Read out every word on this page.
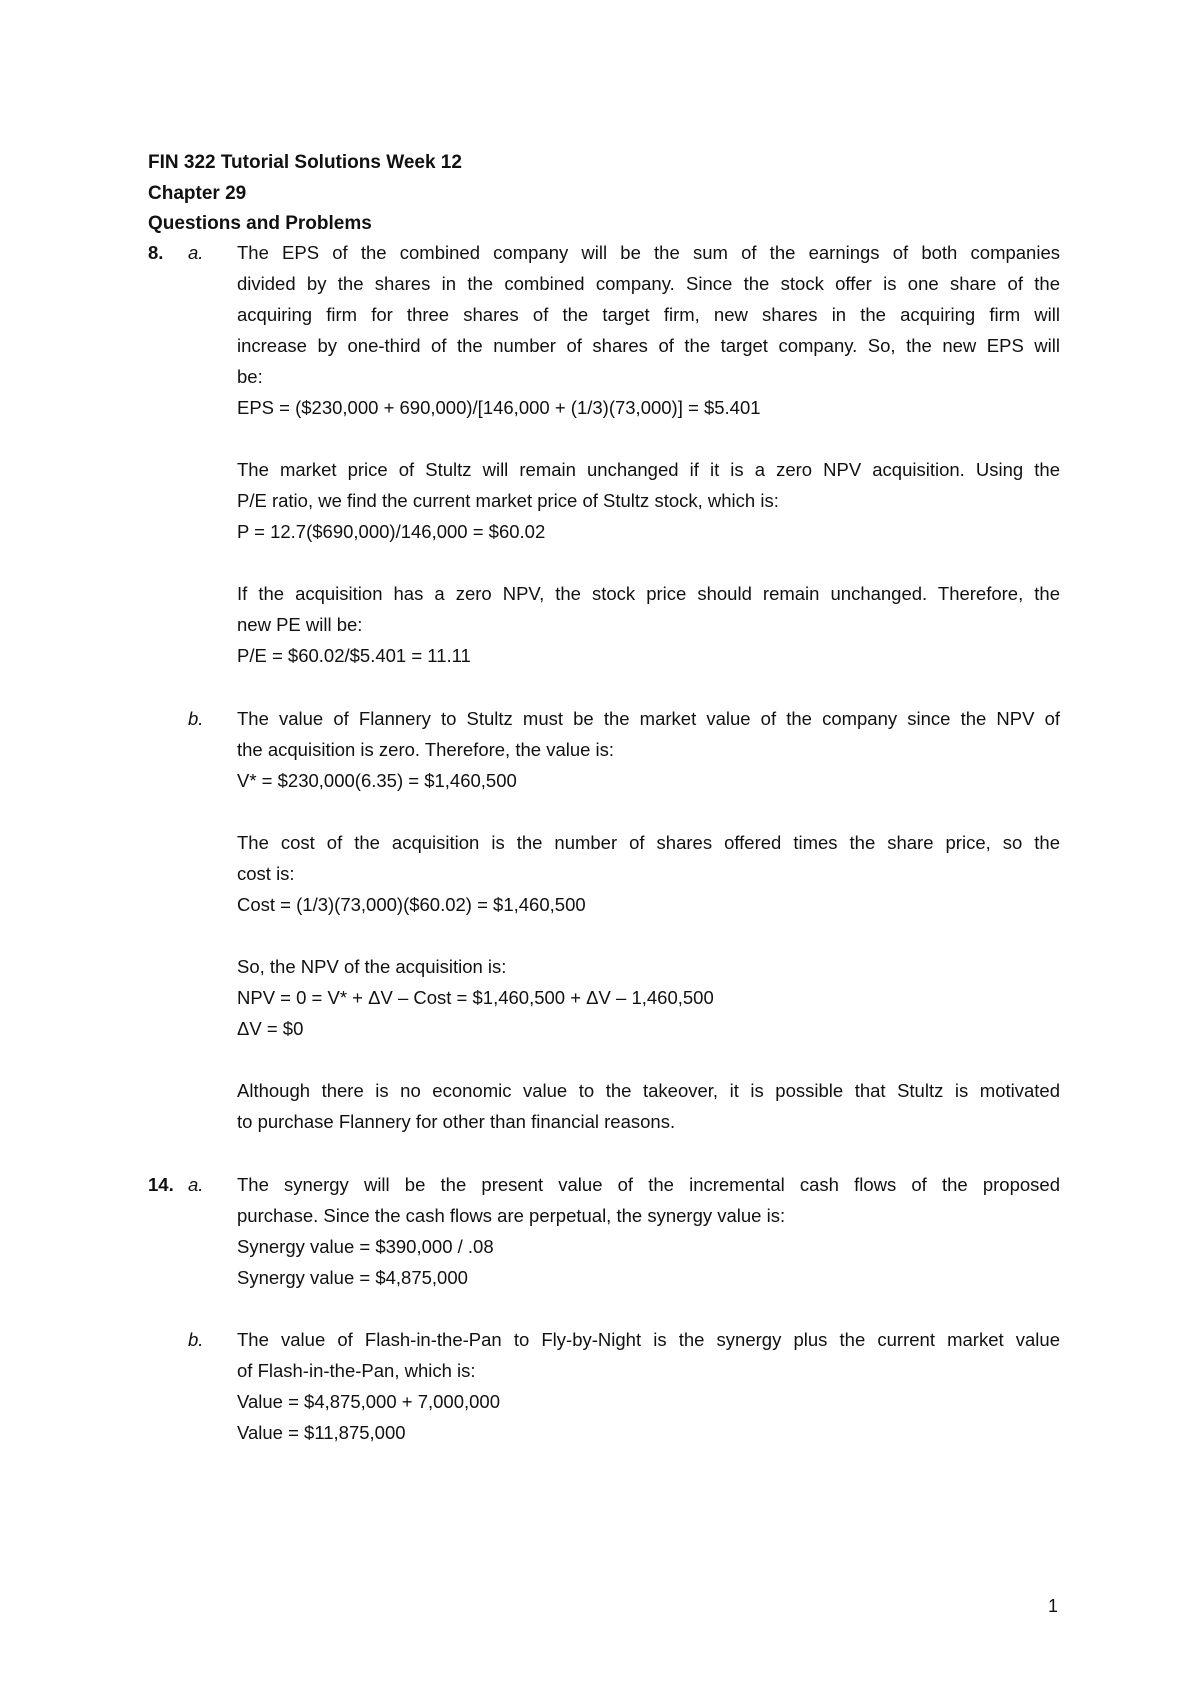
FIN 322 Tutorial Solutions Week 12
Chapter 29
Questions and Problems
8. a. The EPS of the combined company will be the sum of the earnings of both companies
divided by the shares in the combined company. Since the stock offer is one share of the
acquiring firm for three shares of the target firm, new shares in the acquiring firm will
increase by one-third of the number of shares of the target company. So, the new EPS will
be:
EPS = ($230,000 + 690,000)/[146,000 + (1/3)(73,000)] = $5.401
The market price of Stultz will remain unchanged if it is a zero NPV acquisition. Using the
P/E ratio, we find the current market price of Stultz stock, which is:
P = 12.7($690,000)/146,000 = $60.02
If the acquisition has a zero NPV, the stock price should remain unchanged. Therefore, the
new PE will be:
P/E = $60.02/$5.401 = 11.11
b. The value of Flannery to Stultz must be the market value of the company since the NPV of
the acquisition is zero. Therefore, the value is:
V* = $230,000(6.35) = $1,460,500
The cost of the acquisition is the number of shares offered times the share price, so the
cost is:
Cost = (1/3)(73,000)($60.02) = $1,460,500
So, the NPV of the acquisition is:
NPV = 0 = V* + ΔV – Cost = $1,460,500 + ΔV – 1,460,500
ΔV = $0
Although there is no economic value to the takeover, it is possible that Stultz is motivated
to purchase Flannery for other than financial reasons.
14. a. The synergy will be the present value of the incremental cash flows of the proposed
purchase. Since the cash flows are perpetual, the synergy value is:
Synergy value = $390,000 / .08
Synergy value = $4,875,000
b. The value of Flash-in-the-Pan to Fly-by-Night is the synergy plus the current market value
of Flash-in-the-Pan, which is:
Value = $4,875,000 + 7,000,000
Value = $11,875,000
1
